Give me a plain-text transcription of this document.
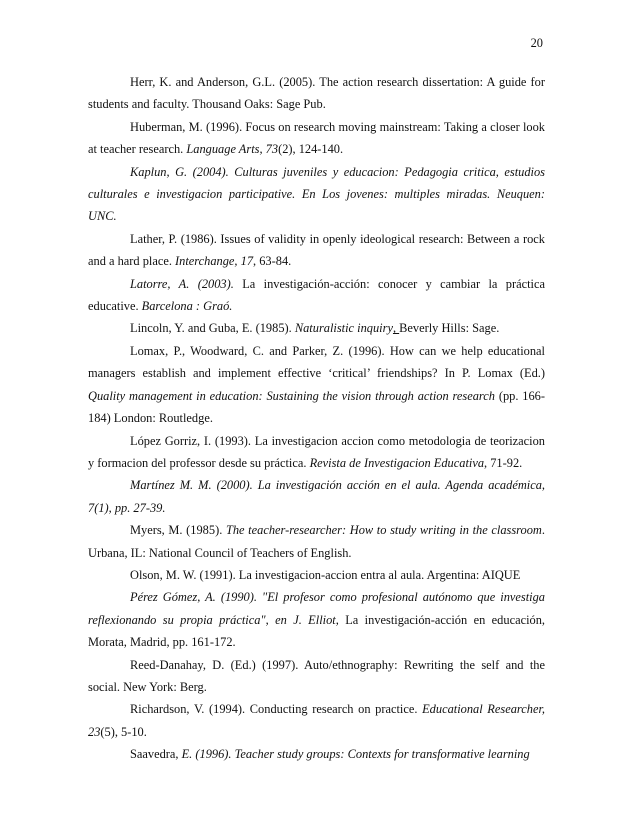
20

Herr, K. and Anderson, G.L. (2005). The action research dissertation: A guide for students and faculty. Thousand Oaks: Sage Pub.

Huberman, M. (1996). Focus on research moving mainstream: Taking a closer look at teacher research. Language Arts, 73(2), 124-140.

Kaplun, G. (2004). Culturas juveniles y educacion: Pedagogia critica, estudios culturales e investigacion participative. En Los jovenes: multiples miradas. Neuquen: UNC.

Lather, P. (1986). Issues of validity in openly ideological research: Between a rock and a hard place. Interchange, 17, 63-84.

Latorre, A. (2003). La investigación-acción: conocer y cambiar la práctica educative. Barcelona : Graó.

Lincoln, Y. and Guba, E. (1985). Naturalistic inquiry, Beverly Hills: Sage.

Lomax, P., Woodward, C. and Parker, Z. (1996). How can we help educational managers establish and implement effective ‘critical’ friendships? In P. Lomax (Ed.) Quality management in education: Sustaining the vision through action research (pp. 166-184) London: Routledge.

López Gorriz, I. (1993). La investigacion accion como metodologia de teorizacion y formacion del professor desde su práctica. Revista de Investigacion Educativa, 71-92.

Martínez M. M. (2000). La investigación acción en el aula. Agenda académica, 7(1), pp. 27-39.

Myers, M. (1985). The teacher-researcher: How to study writing in the classroom. Urbana, IL: National Council of Teachers of English.

Olson, M. W. (1991). La investigacion-accion entra al aula. Argentina: AIQUE

Pérez Gómez, A. (1990). "El profesor como profesional autónomo que investiga reflexionando su propia práctica", en J. Elliot, La investigación-acción en educación, Morata, Madrid, pp. 161-172.

Reed-Danahay, D. (Ed.) (1997). Auto/ethnography: Rewriting the self and the social. New York: Berg.

Richardson, V. (1994). Conducting research on practice. Educational Researcher, 23(5), 5-10.

Saavedra, E. (1996). Teacher study groups: Contexts for transformative learning
